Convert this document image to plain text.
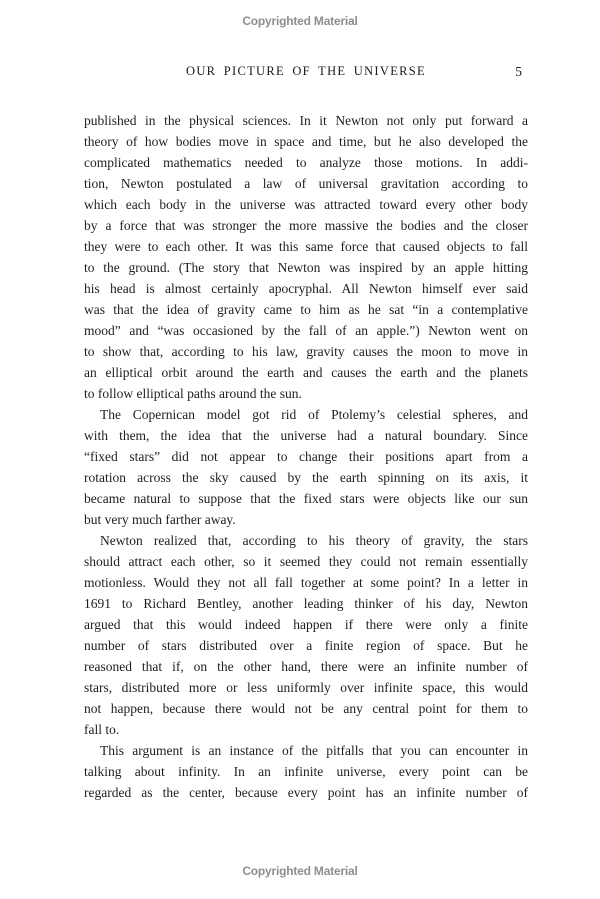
Copyrighted Material
OUR PICTURE OF THE UNIVERSE	5
published in the physical sciences. In it Newton not only put forward a
theory of how bodies move in space and time, but he also developed the
complicated mathematics needed to analyze those motions. In addi-
tion, Newton postulated a law of universal gravitation according to
which each body in the universe was attracted toward every other body
by a force that was stronger the more massive the bodies and the closer
they were to each other. It was this same force that caused objects to fall
to the ground. (The story that Newton was inspired by an apple hitting
his head is almost certainly apocryphal. All Newton himself ever said
was that the idea of gravity came to him as he sat “in a contemplative
mood” and “was occasioned by the fall of an apple.”) Newton went on
to show that, according to his law, gravity causes the moon to move in
an elliptical orbit around the earth and causes the earth and the planets
to follow elliptical paths around the sun.
The Copernican model got rid of Ptolemy’s celestial spheres, and
with them, the idea that the universe had a natural boundary. Since
“fixed stars” did not appear to change their positions apart from a
rotation across the sky caused by the earth spinning on its axis, it
became natural to suppose that the fixed stars were objects like our sun
but very much farther away.
Newton realized that, according to his theory of gravity, the stars
should attract each other, so it seemed they could not remain essentially
motionless. Would they not all fall together at some point? In a letter in
1691 to Richard Bentley, another leading thinker of his day, Newton
argued that this would indeed happen if there were only a finite
number of stars distributed over a finite region of space. But he
reasoned that if, on the other hand, there were an infinite number of
stars, distributed more or less uniformly over infinite space, this would
not happen, because there would not be any central point for them to
fall to.
This argument is an instance of the pitfalls that you can encounter in
talking about infinity. In an infinite universe, every point can be
regarded as the center, because every point has an infinite number of
Copyrighted Material
